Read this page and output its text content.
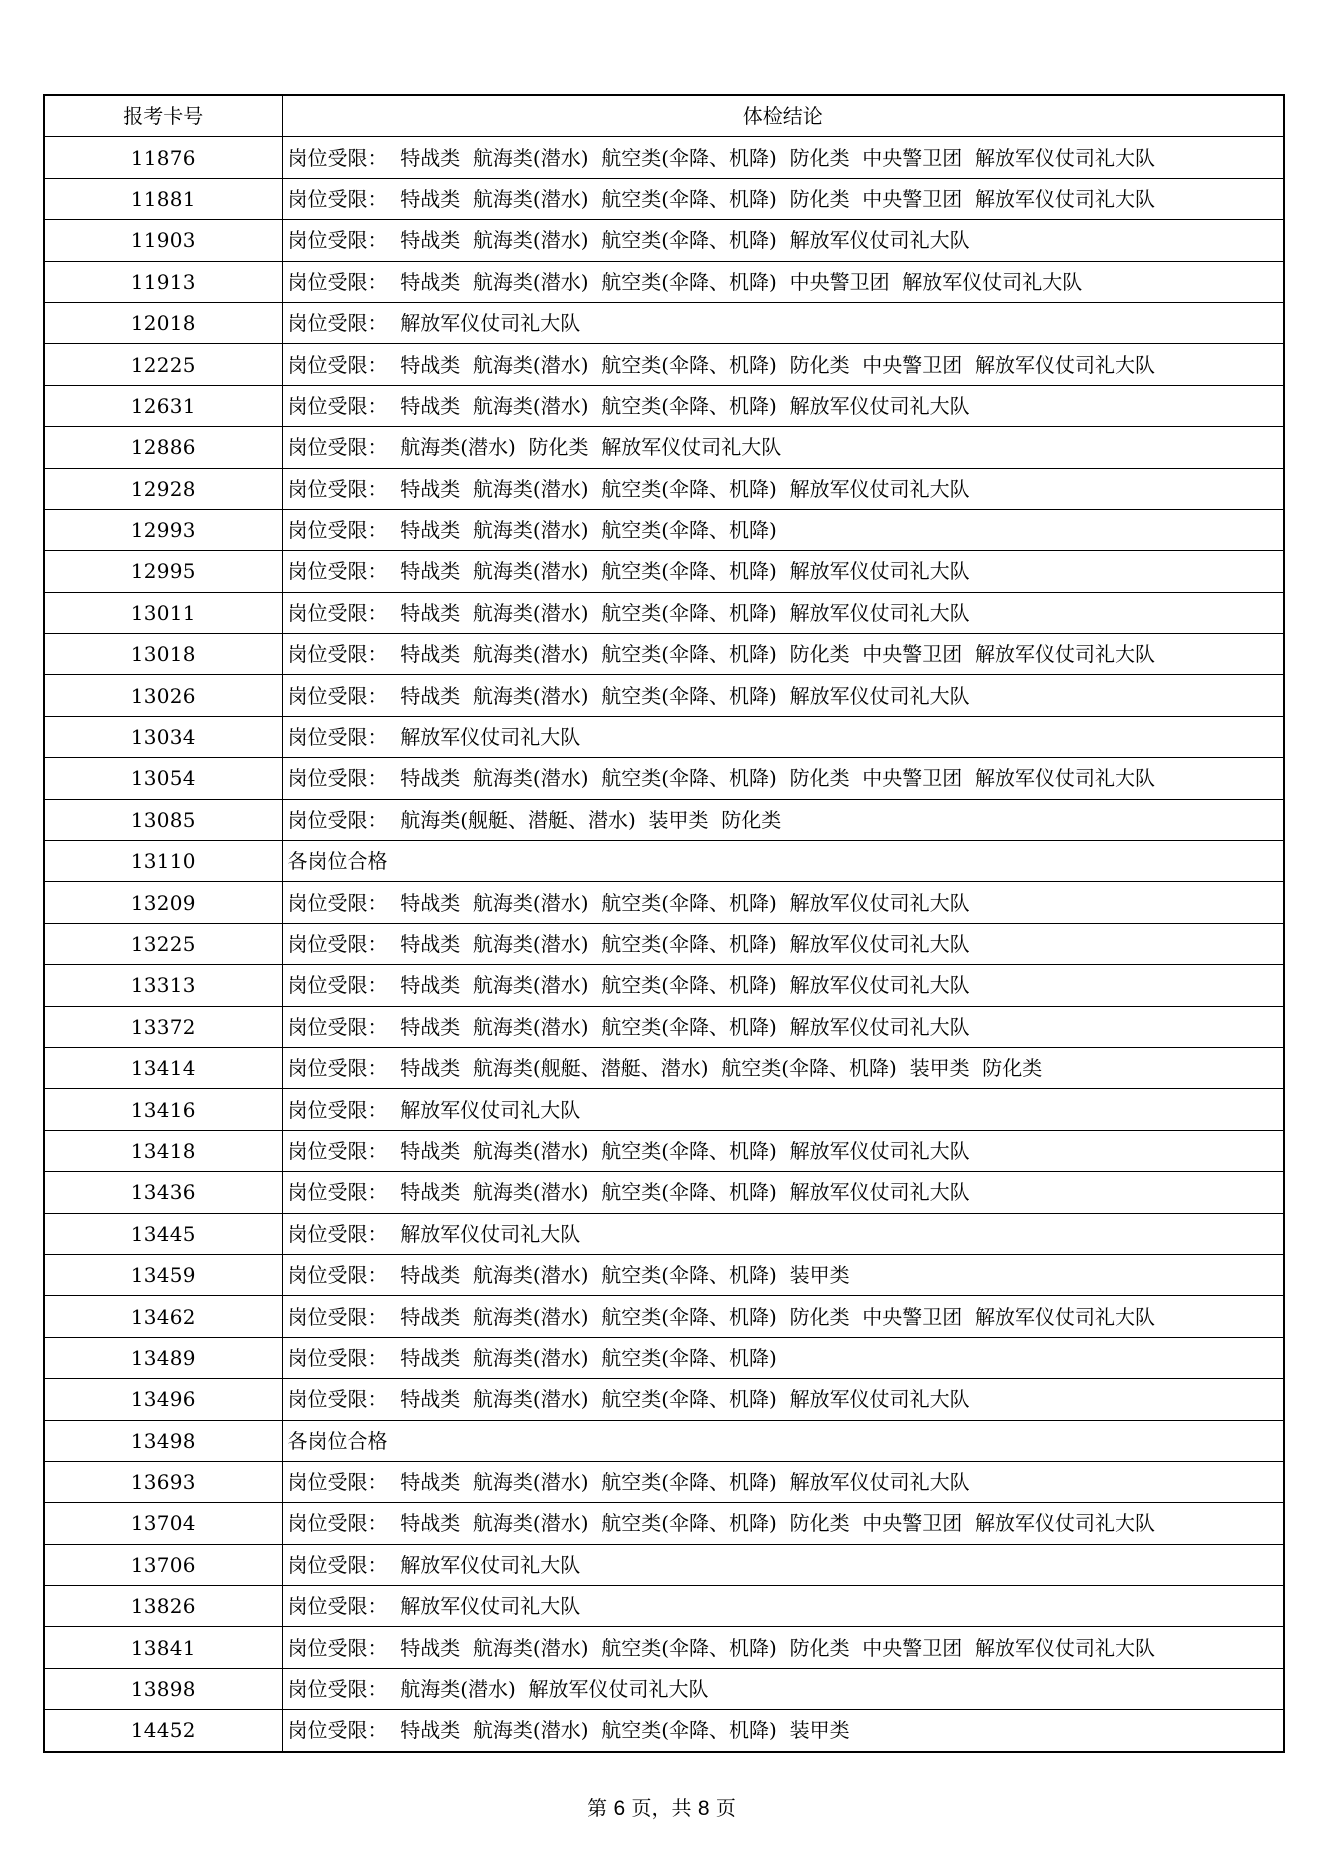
报考卡号	体检结论
11876	岗位受限：  特战类  航海类(潜水)  航空类(伞降、机降)  防化类  中央警卫团  解放军仪仗司礼大队
11881	岗位受限：  特战类  航海类(潜水)  航空类(伞降、机降)  防化类  中央警卫团  解放军仪仗司礼大队
11903	岗位受限：  特战类  航海类(潜水)  航空类(伞降、机降)  解放军仪仗司礼大队
11913	岗位受限：  特战类  航海类(潜水)  航空类(伞降、机降)  中央警卫团  解放军仪仗司礼大队
12018	岗位受限：  解放军仪仗司礼大队
12225	岗位受限：  特战类  航海类(潜水)  航空类(伞降、机降)  防化类  中央警卫团  解放军仪仗司礼大队
12631	岗位受限：  特战类  航海类(潜水)  航空类(伞降、机降)  解放军仪仗司礼大队
12886	岗位受限：  航海类(潜水)  防化类  解放军仪仗司礼大队
12928	岗位受限：  特战类  航海类(潜水)  航空类(伞降、机降)  解放军仪仗司礼大队
12993	岗位受限：  特战类  航海类(潜水)  航空类(伞降、机降)
12995	岗位受限：  特战类  航海类(潜水)  航空类(伞降、机降)  解放军仪仗司礼大队
13011	岗位受限：  特战类  航海类(潜水)  航空类(伞降、机降)  解放军仪仗司礼大队
13018	岗位受限：  特战类  航海类(潜水)  航空类(伞降、机降)  防化类  中央警卫团  解放军仪仗司礼大队
13026	岗位受限：  特战类  航海类(潜水)  航空类(伞降、机降)  解放军仪仗司礼大队
13034	岗位受限：  解放军仪仗司礼大队
13054	岗位受限：  特战类  航海类(潜水)  航空类(伞降、机降)  防化类  中央警卫团  解放军仪仗司礼大队
13085	岗位受限：  航海类(舰艇、潜艇、潜水)  装甲类  防化类
13110	各岗位合格
13209	岗位受限：  特战类  航海类(潜水)  航空类(伞降、机降)  解放军仪仗司礼大队
13225	岗位受限：  特战类  航海类(潜水)  航空类(伞降、机降)  解放军仪仗司礼大队
13313	岗位受限：  特战类  航海类(潜水)  航空类(伞降、机降)  解放军仪仗司礼大队
13372	岗位受限：  特战类  航海类(潜水)  航空类(伞降、机降)  解放军仪仗司礼大队
13414	岗位受限：  特战类  航海类(舰艇、潜艇、潜水)  航空类(伞降、机降)  装甲类  防化类
13416	岗位受限：  解放军仪仗司礼大队
13418	岗位受限：  特战类  航海类(潜水)  航空类(伞降、机降)  解放军仪仗司礼大队
13436	岗位受限：  特战类  航海类(潜水)  航空类(伞降、机降)  解放军仪仗司礼大队
13445	岗位受限：  解放军仪仗司礼大队
13459	岗位受限：  特战类  航海类(潜水)  航空类(伞降、机降)  装甲类
13462	岗位受限：  特战类  航海类(潜水)  航空类(伞降、机降)  防化类  中央警卫团  解放军仪仗司礼大队
13489	岗位受限：  特战类  航海类(潜水)  航空类(伞降、机降)
13496	岗位受限：  特战类  航海类(潜水)  航空类(伞降、机降)  解放军仪仗司礼大队
13498	各岗位合格
13693	岗位受限：  特战类  航海类(潜水)  航空类(伞降、机降)  解放军仪仗司礼大队
13704	岗位受限：  特战类  航海类(潜水)  航空类(伞降、机降)  防化类  中央警卫团  解放军仪仗司礼大队
13706	岗位受限：  解放军仪仗司礼大队
13826	岗位受限：  解放军仪仗司礼大队
13841	岗位受限：  特战类  航海类(潜水)  航空类(伞降、机降)  防化类  中央警卫团  解放军仪仗司礼大队
13898	岗位受限：  航海类(潜水)  解放军仪仗司礼大队
14452	岗位受限：  特战类  航海类(潜水)  航空类(伞降、机降)  装甲类
第 6 页，共 8 页
